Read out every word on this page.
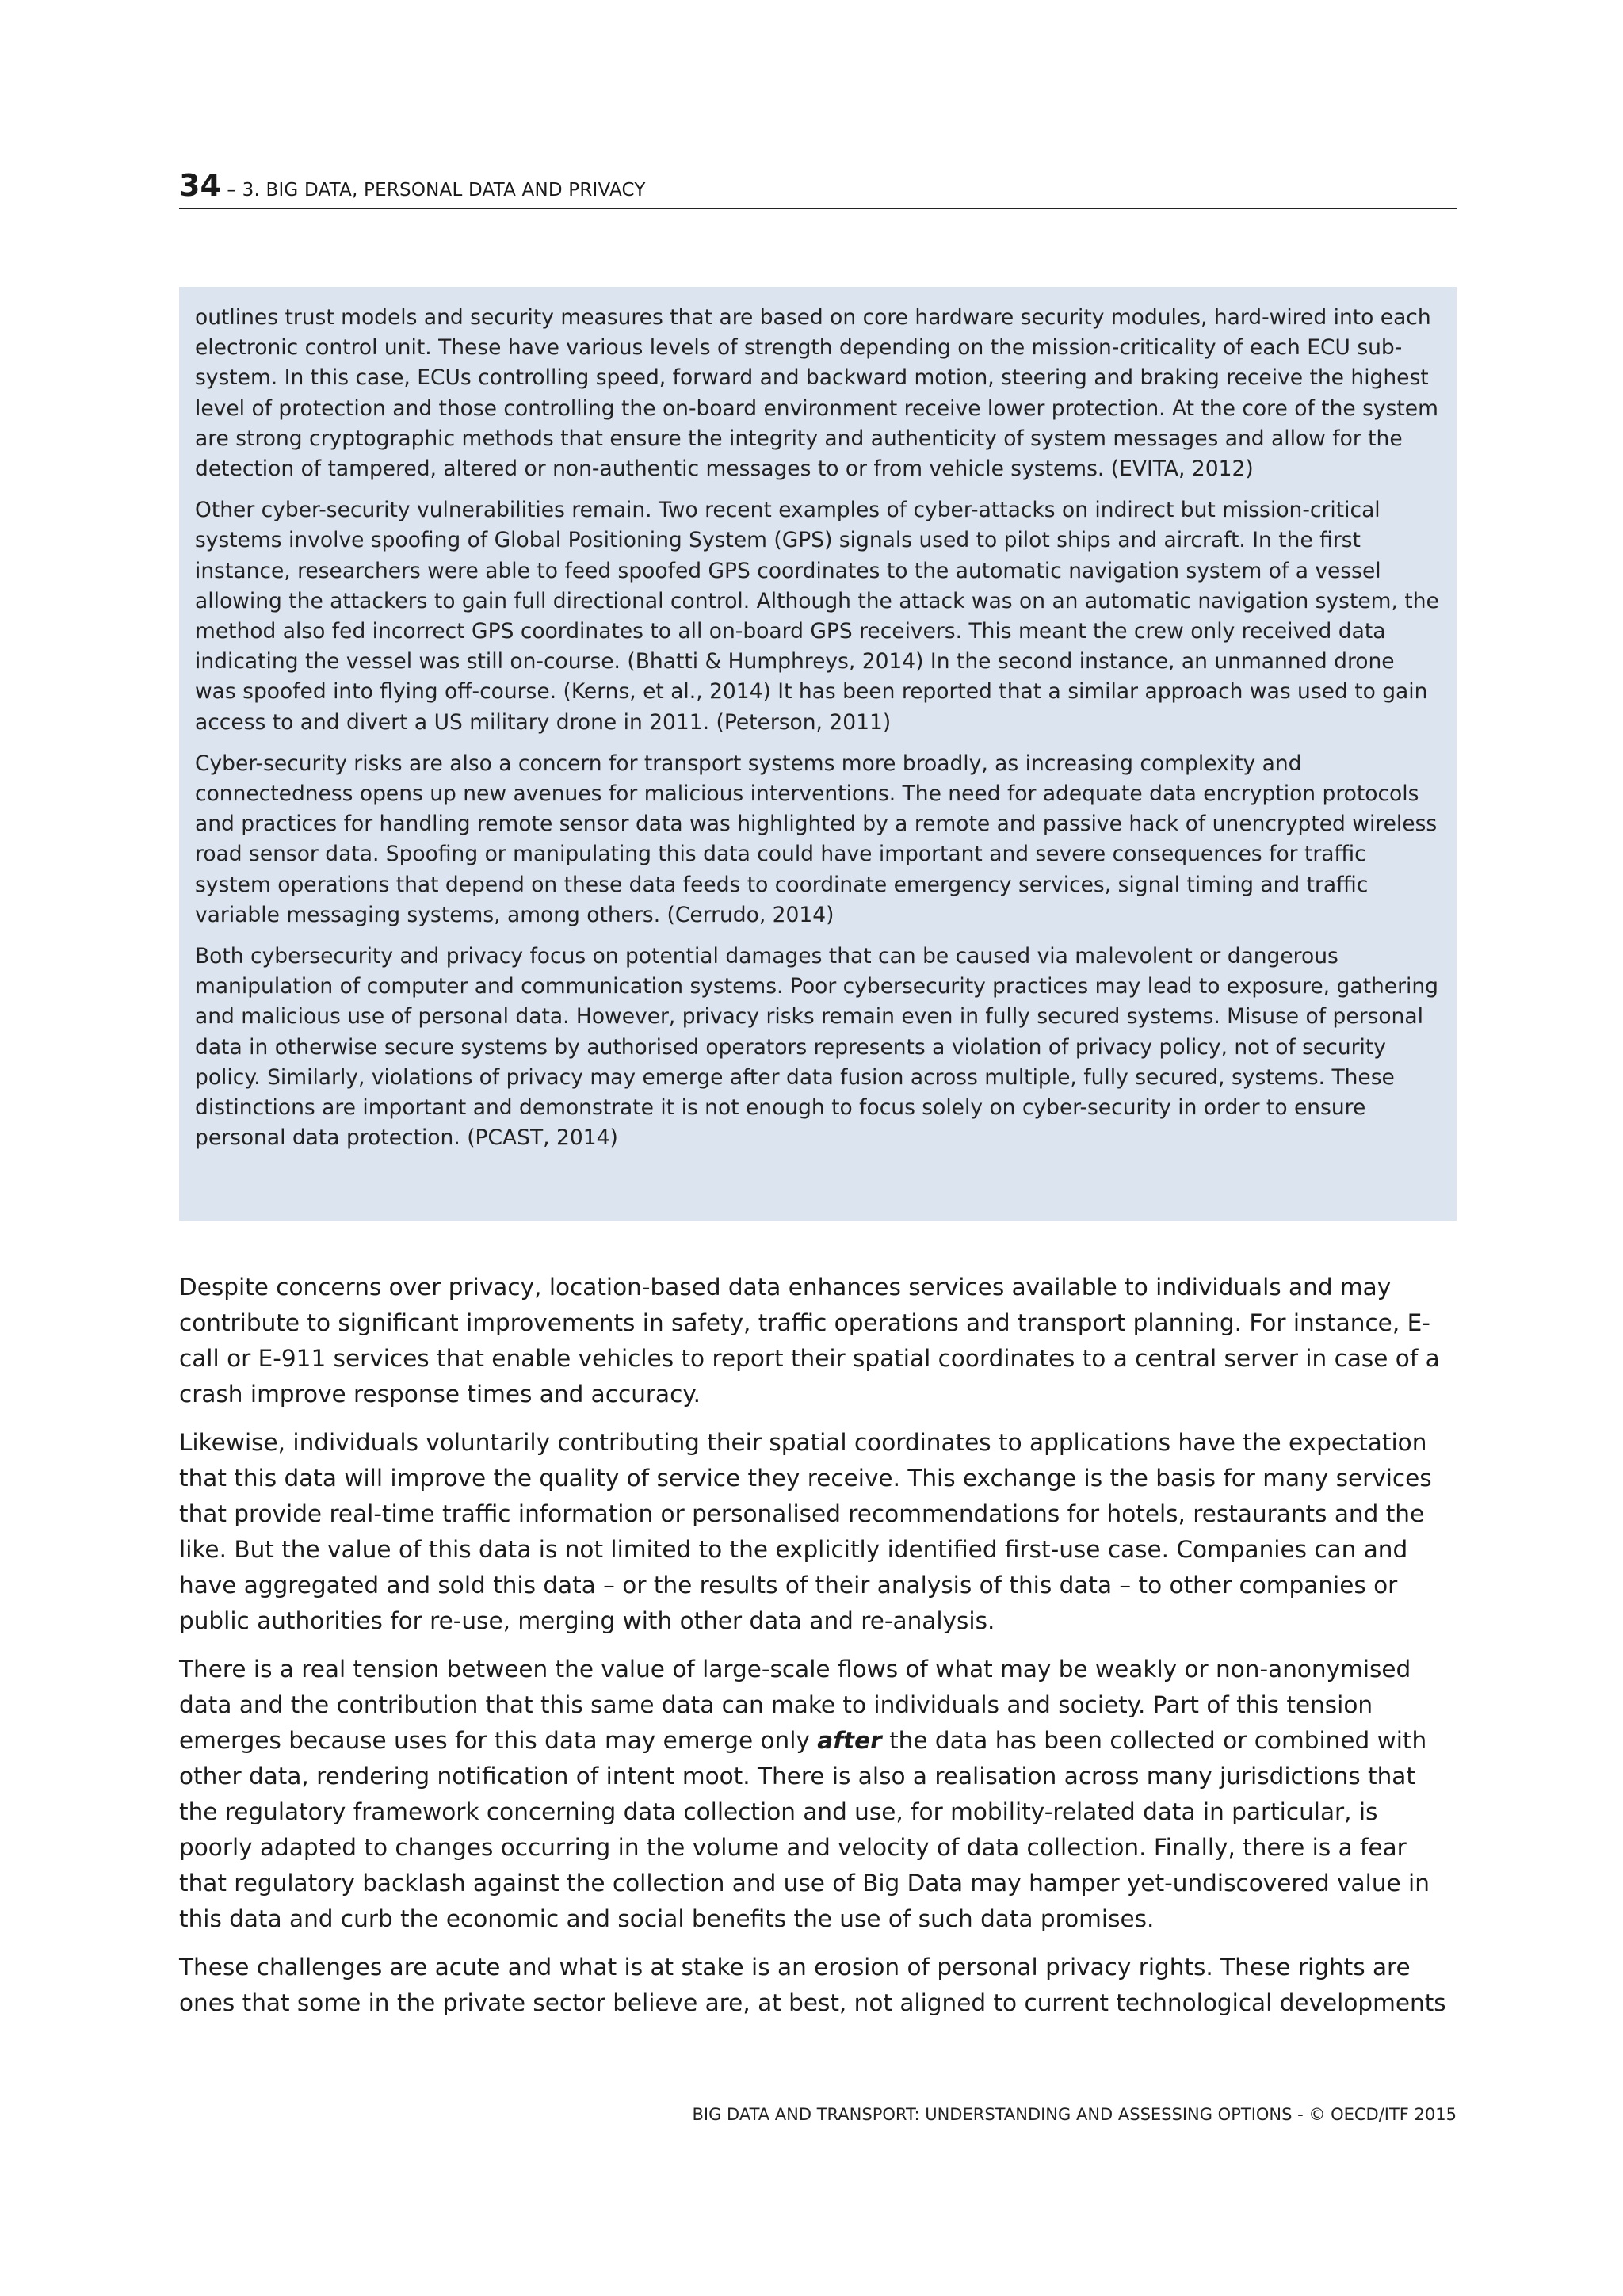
34 – 3. BIG DATA, PERSONAL DATA AND PRIVACY

outlines trust models and security measures that are based on core hardware security modules, hard-wired into each electronic control unit. These have various levels of strength depending on the mission-criticality of each ECU sub-system. In this case, ECUs controlling speed, forward and backward motion, steering and braking receive the highest level of protection and those controlling the on-board environment receive lower protection. At the core of the system are strong cryptographic methods that ensure the integrity and authenticity of system messages and allow for the detection of tampered, altered or non-authentic messages to or from vehicle systems. (EVITA, 2012)

Other cyber-security vulnerabilities remain. Two recent examples of cyber-attacks on indirect but mission-critical systems involve spoofing of Global Positioning System (GPS) signals used to pilot ships and aircraft. In the first instance, researchers were able to feed spoofed GPS coordinates to the automatic navigation system of a vessel allowing the attackers to gain full directional control. Although the attack was on an automatic navigation system, the method also fed incorrect GPS coordinates to all on-board GPS receivers. This meant the crew only received data indicating the vessel was still on-course. (Bhatti & Humphreys, 2014) In the second instance, an unmanned drone was spoofed into flying off-course. (Kerns, et al., 2014) It has been reported that a similar approach was used to gain access to and divert a US military drone in 2011. (Peterson, 2011)

Cyber-security risks are also a concern for transport systems more broadly, as increasing complexity and connectedness opens up new avenues for malicious interventions. The need for adequate data encryption protocols and practices for handling remote sensor data was highlighted by a remote and passive hack of unencrypted wireless road sensor data. Spoofing or manipulating this data could have important and severe consequences for traffic system operations that depend on these data feeds to coordinate emergency services, signal timing and traffic variable messaging systems, among others. (Cerrudo, 2014)

Both cybersecurity and privacy focus on potential damages that can be caused via malevolent or dangerous manipulation of computer and communication systems. Poor cybersecurity practices may lead to exposure, gathering and malicious use of personal data. However, privacy risks remain even in fully secured systems. Misuse of personal data in otherwise secure systems by authorised operators represents a violation of privacy policy, not of security policy. Similarly, violations of privacy may emerge after data fusion across multiple, fully secured, systems. These distinctions are important and demonstrate it is not enough to focus solely on cyber-security in order to ensure personal data protection. (PCAST, 2014)

Despite concerns over privacy, location-based data enhances services available to individuals and may contribute to significant improvements in safety, traffic operations and transport planning. For instance, E-call or E-911 services that enable vehicles to report their spatial coordinates to a central server in case of a crash improve response times and accuracy.

Likewise, individuals voluntarily contributing their spatial coordinates to applications have the expectation that this data will improve the quality of service they receive. This exchange is the basis for many services that provide real-time traffic information or personalised recommendations for hotels, restaurants and the like. But the value of this data is not limited to the explicitly identified first-use case. Companies can and have aggregated and sold this data – or the results of their analysis of this data – to other companies or public authorities for re-use, merging with other data and re-analysis.

There is a real tension between the value of large-scale flows of what may be weakly or non-anonymised data and the contribution that this same data can make to individuals and society. Part of this tension emerges because uses for this data may emerge only after the data has been collected or combined with other data, rendering notification of intent moot. There is also a realisation across many jurisdictions that the regulatory framework concerning data collection and use, for mobility-related data in particular, is poorly adapted to changes occurring in the volume and velocity of data collection. Finally, there is a fear that regulatory backlash against the collection and use of Big Data may hamper yet-undiscovered value in this data and curb the economic and social benefits the use of such data promises.

These challenges are acute and what is at stake is an erosion of personal privacy rights. These rights are ones that some in the private sector believe are, at best, not aligned to current technological developments

BIG DATA AND TRANSPORT: UNDERSTANDING AND ASSESSING OPTIONS - © OECD/ITF 2015
